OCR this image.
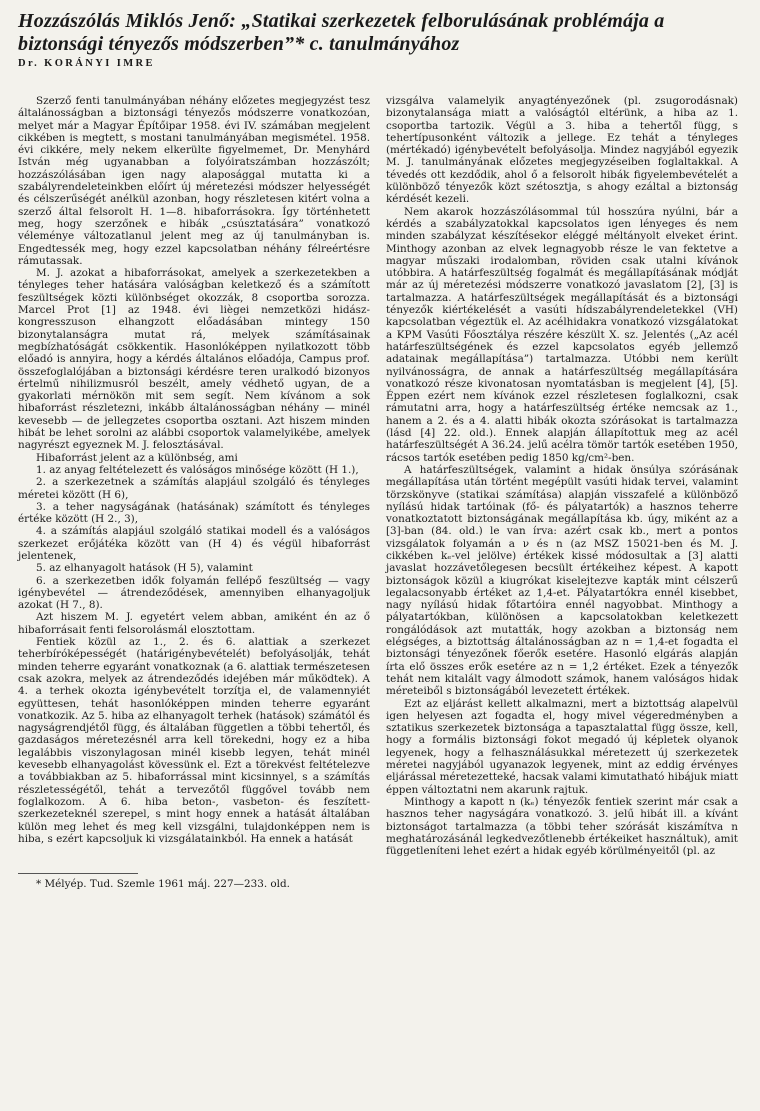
Hozzászólás Miklós Jenő: „Statikai szerkezetek felborulásának problémája a biztonsági tényezős módszerben”* c. tanulmányához
Dr. KORÁNYI IMRE

Szerző fenti tanulmányában néhány előzetes megjegyzést tesz általánosságban a biztonsági tényezős módszerre vonatkozóan, melyet már a Magyar Építőipar 1958. évi IV. számában megjelent cikkében is megtett, s mostani tanulmányában megismétel. 1958. évi cikkére, mely nekem elkerülte figyelmemet, Dr. Menyhárd István még ugyanabban a folyóiratszámban hozzászólt; hozzászólásában igen nagy alaposággal mutatta ki a szabályrendeleteinkben előírt új méretezési módszer helyességét és célszerűségét anélkül azonban, hogy részletesen kitért volna a szerző által felsorolt H. 1—8. hibaforrásokra. Így történhetett meg, hogy szerzőnek e hibák „csúsztatására” vonatkozó véleménye változatlanul jelent meg az új tanulmányban is. Engedtessék meg, hogy ezzel kapcsolatban néhány félreértésre rámutassak.

M. J. azokat a hibaforrásokat, amelyek a szerkezetekben a tényleges teher hatására valóságban keletkező és a számított feszültségek közti különbséget okozzák, 8 csoportba sorozza. Marcel Prot [1] az 1948. évi liègei nemzetközi hidász-kongresszuson elhangzott előadásában mintegy 150 bizonytalanságra mutat rá, melyek számításainak megbízhatóságát csökkentik. Hasonlóképpen nyilatkozott több előadó is annyira, hogy a kérdés általános előadója, Campus prof. összefoglalójában a biztonsági kérdésre teren uralkodó bizonyos értelmű nihilizmusról beszélt, amely védhető ugyan, de a gyakorlati mérnökön mit sem segít. Nem kívánom a sok hibaforrást részletezni, inkább általánosságban néhány — minél kevesebb — de jellegzetes csoportba osztani. Azt hiszem minden hibát be lehet sorolni az alábbi csoportok valamelyikébe, amelyek nagyrészt egyeznek M. J. felosztásával.

Hibaforrást jelent az a különbség, ami

1. az anyag feltételezett és valóságos minősége között (H 1.),

2. a szerkezetnek a számítás alapjául szolgáló és tényleges méretei között (H 6),

3. a teher nagyságának (hatásának) számított és tényleges értéke között (H 2., 3),

4. a számítás alapjául szolgáló statikai modell és a valóságos szerkezet erőjátéka között van (H 4) és végül hibaforrást jelentenek,

5. az elhanyagolt hatások (H 5), valamint

6. a szerkezetben idők folyamán fellépő feszültség — vagy igénybevétel — átrendeződések, amennyiben elhanyagoljuk azokat (H 7., 8).

Azt hiszem M. J. egyetért velem abban, amiként én az ő hibaforrásait fenti felsorolásmál elosztottam.

Fentiek közül az 1., 2. és 6. alattiak a szerkezet teherbíróképességét (határigénybevételét) befolyásolják, tehát minden teherre egyaránt vonatkoznak (a 6. alattiak természetesen csak azokra, melyek az átrendeződés idejében már működtek). A 4. a terhek okozta igénybevételt torzítja el, de valamennyiét együttesen, tehát hasonlóképpen minden teherre egyaránt vonatkozik. Az 5. hiba az elhanyagolt terhek (hatások) számától és nagyságrendjétől függ, és általában független a többi tehertől, és gazdaságos méretezésnél arra kell törekedni, hogy ez a hiba legalábbis viszonylagosan minél kisebb legyen, tehát minél kevesebb elhanyagolást kövessünk el. Ezt a törekvést feltételezve a továbbiakban az 5. hibaforrással mint kicsinnyel, s a számítás részletességétől, tehát a tervezőtől függővel tovább nem foglalkozom. A 6. hiba beton-, vasbeton- és feszített-szerkezeteknél szerepel, s mint hogy ennek a hatását általában külön meg lehet és meg kell vizsgálni, tulajdonképpen nem is hiba, s ezért kapcsoljuk ki vizsgálatainkból. Ha ennek a hatását

* Mélyép. Tud. Szemle 1961 máj. 227—233. old.

vizsgálva valamelyik anyagtényezőnek (pl. zsugorodásnak) bizonytalansága miatt a valóságtól eltérünk, a hiba az 1. csoportba tartozik. Végül a 3. hiba a tehertől függ, s tehertípusonként változik a jellege. Ez tehát a tényleges (mértékadó) igénybevételt befolyásolja. Mindez nagyjából egyezik M. J. tanulmányának előzetes megjegyzéseiben foglaltakkal. A tévedés ott kezdődik, ahol ő a felsorolt hibák figyelembevételét a különböző tényezők közt szétosztja, s ahogy ezáltal a biztonság kérdését kezeli.

Nem akarok hozzászólásommal túl hosszúra nyúlni, bár a kérdés a szabályzatokkal kapcsolatos igen lényeges és nem minden szabályzat készítésekor eléggé méltányolt elveket érint. Minthogy azonban az elvek legnagyobb része le van fektetve a magyar műszaki irodalomban, röviden csak utalni kívánok utóbbira. A határfeszültség fogalmát és megállapításának módját már az új méretezési módszerre vonatkozó javaslatom [2], [3] is tartalmazza. A határfeszültségek megállapítását és a biztonsági tényezők kiértékelését a vasúti hídszabályrendeletekkel (VH) kapcsolatban végeztük el. Az acélhidakra vonatkozó vizsgálatokat a KPM Vasúti Főosztálya részére készült X. sz. Jelentés („Az acél határfeszültségének és ezzel kapcsolatos egyéb jellemző adatainak megállapítása”) tartalmazza. Utóbbi nem került nyilvánosságra, de annak a határfeszültség megállapítására vonatkozó része kivonatosan nyomtatásban is megjelent [4], [5]. Éppen ezért nem kívánok ezzel részletesen foglalkozni, csak rámutatni arra, hogy a határfeszültség értéke nemcsak az 1., hanem a 2. és a 4. alatti hibák okozta szórásokat is tartalmazza (lásd [4] 22. old.). Ennek alapján állapítottuk meg az acél határfeszültségét A 36.24. jelű acélra tömör tartók esetében 1950, rácsos tartók esetében pedig 1850 kg/cm²-ben.

A határfeszültségek, valamint a hidak önsúlya szórásának megállapítása után történt megépült vasúti hidak tervei, valamint törzskönyve (statikai számítása) alapján visszafelé a különböző nyílású hidak tartóinak (fő- és pályatartók) a hasznos teherre vonatkoztatott biztonságának megállapítása kb. úgy, miként az a [3]-ban (84. old.) le van írva: azért csak kb., mert a pontos vizsgálatok folyamán a ν és n (az MSZ 15021-ben és M. J. cikkében kₑ-vel jelölve) értékek kissé módosultak a [3] alatti javaslat hozzávetőlegesen becsült értékeihez képest. A kapott biztonságok közül a kiugrókat kiselejtezve kapták mint célszerű legalacsonyabb értéket az 1,4-et. Pályatartókra ennél kisebbet, nagy nyílású hidak főtartóira ennél nagyobbat. Minthogy a pályatartókban, különösen a kapcsolatokban keletkezett rongálódások azt mutatták, hogy azokban a biztonság nem elégséges, a biztottság általánosságban az n = 1,4-et fogadta el biztonsági tényezőnek főerők esetére. Hasonló elgárás alapján írta elő összes erők esetére az n = 1,2 értéket. Ezek a tényezők tehát nem kitalált vagy álmodott számok, hanem valóságos hidak méreteiből s biztonságából levezetett értékek.

Ezt az eljárást kellett alkalmazni, mert a biztottság alapelvül igen helyesen azt fogadta el, hogy mivel végeredményben a sztatikus szerkezetek biztonsága a tapasztalattal függ össze, kell, hogy a formális biztonsági fokot megadó új képletek olyanok legyenek, hogy a felhasználásukkal méretezett új szerkezetek méretei nagyjából ugyanazok legyenek, mint az eddig érvényes eljárással méretezetteké, hacsak valami kimutatható hibájuk miatt éppen változtatni nem akarunk rajtuk.

Minthogy a kapott n (kₑ) tényezők fentiek szerint már csak a hasznos teher nagyságára vonatkozó. 3. jelű hibát ill. a kívánt biztonságot tartalmazza (a többi teher szórását kiszámítva n meghatározásánál legkedvezőtlenebb értékeiket használtuk), amit függetleníteni lehet ezért a hidak egyéb körülményeitől (pl. az
